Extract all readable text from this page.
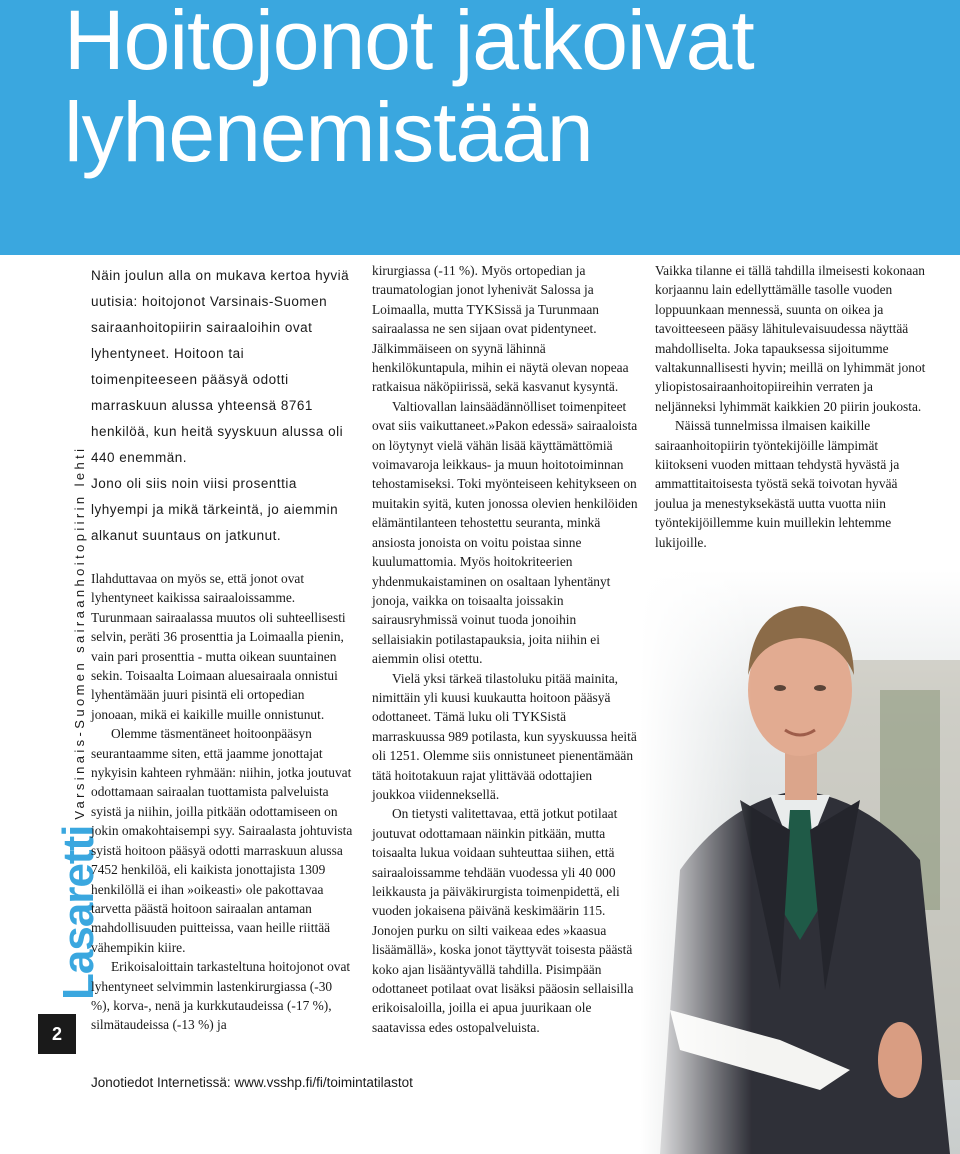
Hoitojonot jatkoivat lyhenemistään
LasarettiVarsinais-Suomen sairaanhoitopiirin lehti
2

Näin joulun alla on mukava kertoa hyviä uutisia: hoitojonot Varsinais-Suomen sairaanhoitopiirin sairaaloihin ovat lyhentyneet. Hoitoon tai toimenpiteeseen pääsyä odotti marraskuun alussa yhteensä 8761 henkilöä, kun heitä syyskuun alussa oli 440 enemmän.

Jono oli siis noin viisi prosenttia lyhyempi ja mikä tärkeintä, jo aiemmin alkanut suuntaus on jatkunut.

Ilahduttavaa on myös se, että jonot ovat lyhentyneet kaikissa sairaaloissamme. Turunmaan sairaalassa muutos oli suhteellisesti selvin, peräti 36 prosenttia ja Loimaalla pienin, vain pari prosenttia - mutta oikean suuntainen sekin. Toisaalta Loimaan aluesairaala onnistui lyhentämään juuri pisintä eli ortopedian jonoaan, mikä ei kaikille muille onnistunut.

Olemme täsmentäneet hoitoonpääsyn seurantaamme siten, että jaamme jonottajat nykyisin kahteen ryhmään: niihin, jotka joutuvat odottamaan sairaalan tuottamista palveluista syistä ja niihin, joilla pitkään odottamiseen on jokin omakohtaisempi syy. Sairaalasta johtuvista syistä hoitoon pääsyä odotti marraskuun alussa 7452 henkilöä, eli kaikista jonottajista 1309 henkilöllä ei ihan »oikeasti» ole pakottavaa tarvetta päästä hoitoon sairaalan antaman mahdollisuuden puitteissa, vaan heille riittää vähempikin kiire.

Erikoisaloittain tarkasteltuna hoitojonot ovat lyhentyneet selvimmin lastenkirurgiassa (-30 %), korva-, nenä ja kurkkutaudeissa (-17 %), silmätaudeissa (-13 %) ja

kirurgiassa (-11 %). Myös ortopedian ja traumatologian jonot lyhenivät Salossa ja Loimaalla, mutta TYKSissä ja Turunmaan sairaalassa ne sen sijaan ovat pidentyneet. Jälkimmäiseen on syynä lähinnä henkilökuntapula, mihin ei näytä olevan nopeaa ratkaisua näköpiirissä, sekä kasvanut kysyntä.

Valtiovallan lainsäädännölliset toimenpiteet ovat siis vaikuttaneet.»Pakon edessä» sairaaloista on löytynyt vielä vähän lisää käyttämättömiä voimavaroja leikkaus- ja muun hoitotoiminnan tehostamiseksi. Toki myönteiseen kehitykseen on muitakin syitä, kuten jonossa olevien henkilöiden elämäntilanteen tehostettu seuranta, minkä ansiosta jonoista on voitu poistaa sinne kuulumattomia. Myös hoitokriteerien yhdenmukaistaminen on osaltaan lyhentänyt jonoja, vaikka on toisaalta joissakin sairausryhmissä voinut tuoda jonoihin sellaisiakin potilastapauksia, joita niihin ei aiemmin olisi otettu.

Vielä yksi tärkeä tilastoluku pitää mainita, nimittäin yli kuusi kuukautta hoitoon pääsyä odottaneet. Tämä luku oli TYKSistä marraskuussa 989 potilasta, kun syyskuussa heitä oli 1251. Olemme siis onnistuneet pienentämään tätä hoitotakuun rajat ylittävää odottajien joukkoa viidenneksellä.

On tietysti valitettavaa, että jotkut potilaat joutuvat odottamaan näinkin pitkään, mutta toisaalta lukua voidaan suhteuttaa siihen, että sairaaloissamme tehdään vuodessa yli 40 000 leikkausta ja päiväkirurgista toimenpidettä, eli vuoden jokaisena päivänä keskimäärin 115. Jonojen purku on silti vaikeaa edes »kaasua lisäämällä», koska jonot täyttyvät toisesta päästä koko ajan lisääntyvällä tahdilla. Pisimpään odottaneet potilaat ovat lisäksi pääosin sellaisilla erikoisaloilla, joilla ei apua juurikaan ole saatavissa edes ostopalveluista.

Vaikka tilanne ei tällä tahdilla ilmeisesti kokonaan korjaannu lain edellyttämälle tasolle vuoden loppuunkaan mennessä, suunta on oikea ja tavoitteeseen pääsy lähitulevaisuudessa näyttää mahdolliselta. Joka tapauksessa sijoitumme valtakunnallisesti hyvin; meillä on lyhimmät jonot yliopistosairaanhoitopiireihin verraten ja neljänneksi lyhimmät kaikkien 20 piirin joukosta.

Näissä tunnelmissa ilmaisen kaikille sairaanhoitopiirin työntekijöille lämpimät kiitokseni vuoden mittaan tehdystä hyvästä ja ammattitaitoisesta työstä sekä toivotan hyvää joulua ja menestyksekästä uutta vuotta niin työntekijöillemme kuin muillekin lehtemme lukijoille.

Jonotiedot Internetissä: www.vsshp.fi/fi/toimintatilastot
